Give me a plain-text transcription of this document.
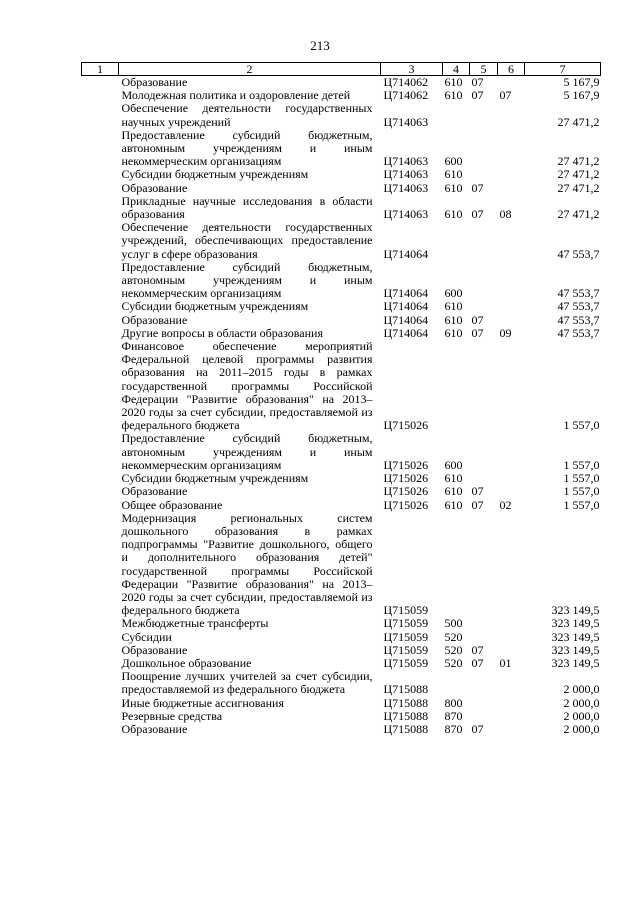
213
1	2	3	4	5	6	7
	Образование	Ц714062	610	07		5 167,9
	Молодежная политика и оздоровление детей	Ц714062	610	07	07	5 167,9
	Обеспечение деятельности государственных научных учреждений	Ц714063				27 471,2
	Предоставление субсидий бюджетным, автономным учреждениям и иным некоммерческим организациям	Ц714063	600			27 471,2
	Субсидии бюджетным учреждениям	Ц714063	610			27 471,2
	Образование	Ц714063	610	07		27 471,2
	Прикладные научные исследования в области образования	Ц714063	610	07	08	27 471,2
	Обеспечение деятельности государственных учреждений, обеспечивающих предоставление услуг в сфере образования	Ц714064				47 553,7
	Предоставление субсидий бюджетным, автономным учреждениям и иным некоммерческим организациям	Ц714064	600			47 553,7
	Субсидии бюджетным учреждениям	Ц714064	610			47 553,7
	Образование	Ц714064	610	07		47 553,7
	Другие вопросы в области образования	Ц714064	610	07	09	47 553,7
	Финансовое обеспечение мероприятий Федеральной целевой программы развития образования на 2011–2015 годы в рамках государственной программы Российской Федерации "Развитие образования" на 2013–2020 годы за счет субсидии, предоставляемой из федерального бюджета	Ц715026				1 557,0
	Предоставление субсидий бюджетным, автономным учреждениям и иным некоммерческим организациям	Ц715026	600			1 557,0
	Субсидии бюджетным учреждениям	Ц715026	610			1 557,0
	Образование	Ц715026	610	07		1 557,0
	Общее образование	Ц715026	610	07	02	1 557,0
	Модернизация региональных систем дошкольного образования в рамках подпрограммы "Развитие дошкольного, общего и дополнительного образования детей" государственной программы Российской Федерации "Развитие образования" на 2013–2020 годы за счет субсидии, предоставляемой из федерального бюджета	Ц715059				323 149,5
	Межбюджетные трансферты	Ц715059	500			323 149,5
	Субсидии	Ц715059	520			323 149,5
	Образование	Ц715059	520	07		323 149,5
	Дошкольное образование	Ц715059	520	07	01	323 149,5
	Поощрение лучших учителей за счет субсидии, предоставляемой из федерального бюджета	Ц715088				2 000,0
	Иные бюджетные ассигнования	Ц715088	800			2 000,0
	Резервные средства	Ц715088	870			2 000,0
	Образование	Ц715088	870	07		2 000,0
